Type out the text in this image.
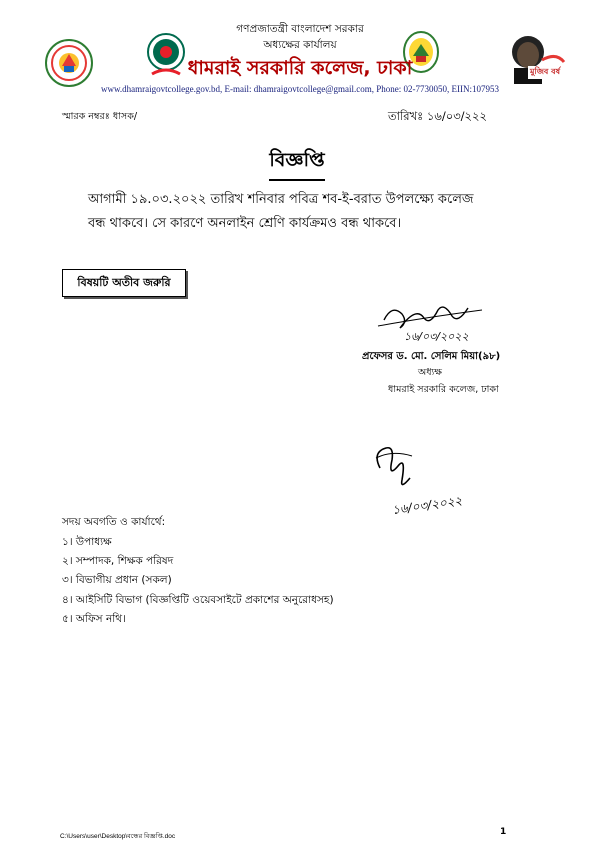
মুজিব বর্ষ
গণপ্রজাতন্ত্রী বাংলাদেশ সরকার
অধ্যক্ষের কার্যালয়
ধামরাই সরকারি কলেজ, ঢাকা
www.dhamraigovtcollege.gov.bd, E-mail: dhamraigovtcollege@gmail.com, Phone: 02-7730050, EIIN:107953
স্মারক নম্বরঃ ধাসক/	তারিখঃ ১৬/০৩/২২২
বিজ্ঞপ্তি
আগামী ১৯.০৩.২০২২ তারিখ শনিবার পবিত্র শব-ই-বরাত উপলক্ষ্যে কলেজ
বন্ধ থাকবে। সে কারণে অনলাইন শ্রেণি কার্যক্রমও বন্ধ থাকবে।
বিষয়টি অতীব জরুরি
১৬/০৩/২০২২
প্রফেসর ড. মো. সেলিম মিয়া(৯৮)
অধ্যক্ষ
ধামরাই সরকারি কলেজ, ঢাকা
১৬/০৩/২০২২
সদয় অবগতি ও কার্যার্থে:
১। উপাধ্যক্ষ
২। সম্পাদক, শিক্ষক পরিষদ
৩। বিভাগীয় প্রধান (সকল)
৪। আইসিটি বিভাগ (বিজ্ঞপ্তিটি ওয়েবসাইটে প্রকাশের অনুরোধসহ)
৫। অফিস নথি।
C:\Users\user\Desktop\বন্ধের বিজ্ঞপ্তি.doc	1
